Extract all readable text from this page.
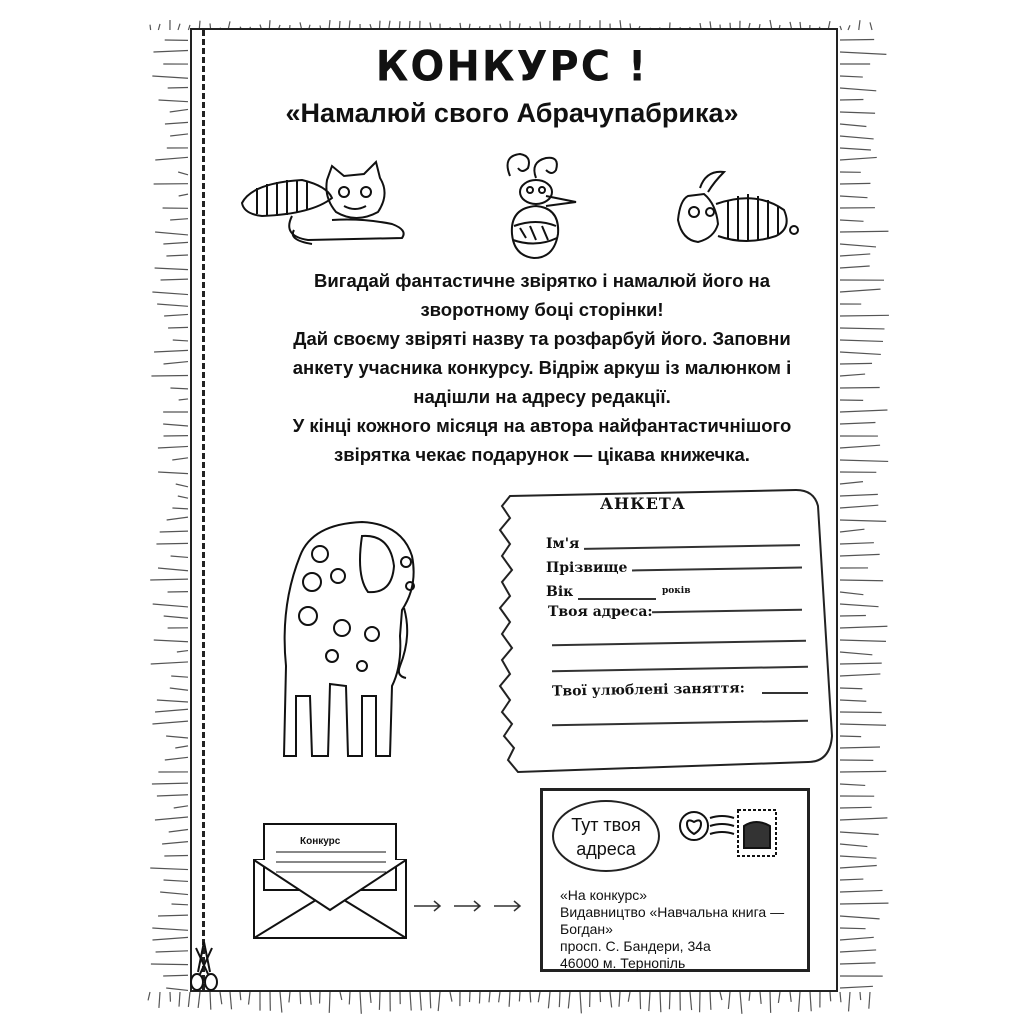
КОНКУРС !
«Намалюй свого Абрачупабрика»
Вигадай фантастичне звірятко і намалюй його на
зворотному боці сторінки!
Дай своєму звіряті назву та розфарбуй його. Заповни
анкету учасника конкурсу. Відріж аркуш із малюнком і
надішли на адресу редакції.
У кінці кожного місяця на автора найфантастичнішого
звірятка чекає подарунок — цікава книжечка.
АНКЕТА
Ім'я
Прізвище
Вік	років
Твоя адреса:
Твої улюблені заняття:
Конкурс
Тут твоя
адреса
«На конкурс»
Видавництво «Навчальна книга —
Богдан»
просп. С. Бандери, 34а
46000 м. Тернопіль
